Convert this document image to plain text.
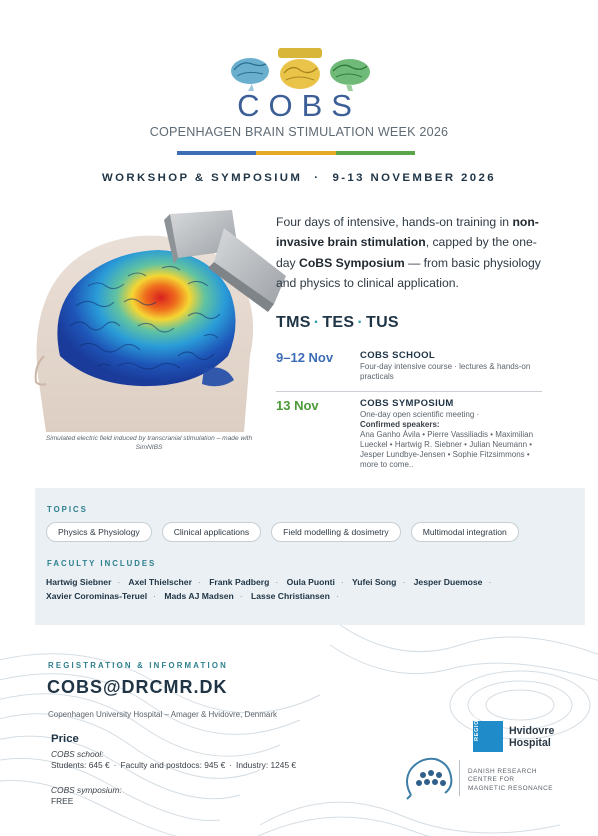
COBS
COPENHAGEN BRAIN STIMULATION WEEK 2026
WORKSHOP & SYMPOSIUM · 9-13 NOVEMBER 2026
Simulated electric field induced by transcranial stimulation – made with SimNIBS
Four days of intensive, hands-on training in non-invasive brain stimulation, capped by the one-day CoBS Symposium — from basic physiology and physics to clinical application.
TMS · TES · TUS
9–12 Nov	COBS SCHOOL
Four-day intensive course · lectures & hands-on practicals
13 Nov	COBS SYMPOSIUM
One-day open scientific meeting ·
Confirmed speakers:
Ana Ganho Ávila • Pierre Vassiliadis • Maximilian Lueckel • Hartwig R. Siebner • Julian Neumann • Jesper Lundbye-Jensen • Sophie Fitzsimmons • more to come..
TOPICS
Physics & Physiology	Clinical applications	Field modelling & dosimetry	Multimodal integration
FACULTY INCLUDES
Hartwig Siebner · Axel Thielscher · Frank Padberg · Oula Puonti · Yufei Song · Jesper Duemose · Xavier Corominas-Teruel · Mads AJ Madsen · Lasse Christiansen ·
REGISTRATION & INFORMATION
COBS@DRCMR.DK
Copenhagen University Hospital – Amager & Hvidovre, Denmark
Price
COBS school:
Students: 645 € · Faculty and postdocs: 945 € · Industry: 1245 €
COBS symposium:
FREE
REGION	Hvidovre
Hospital
DANISH RESEARCH
CENTRE FOR
MAGNETIC RESONANCE
